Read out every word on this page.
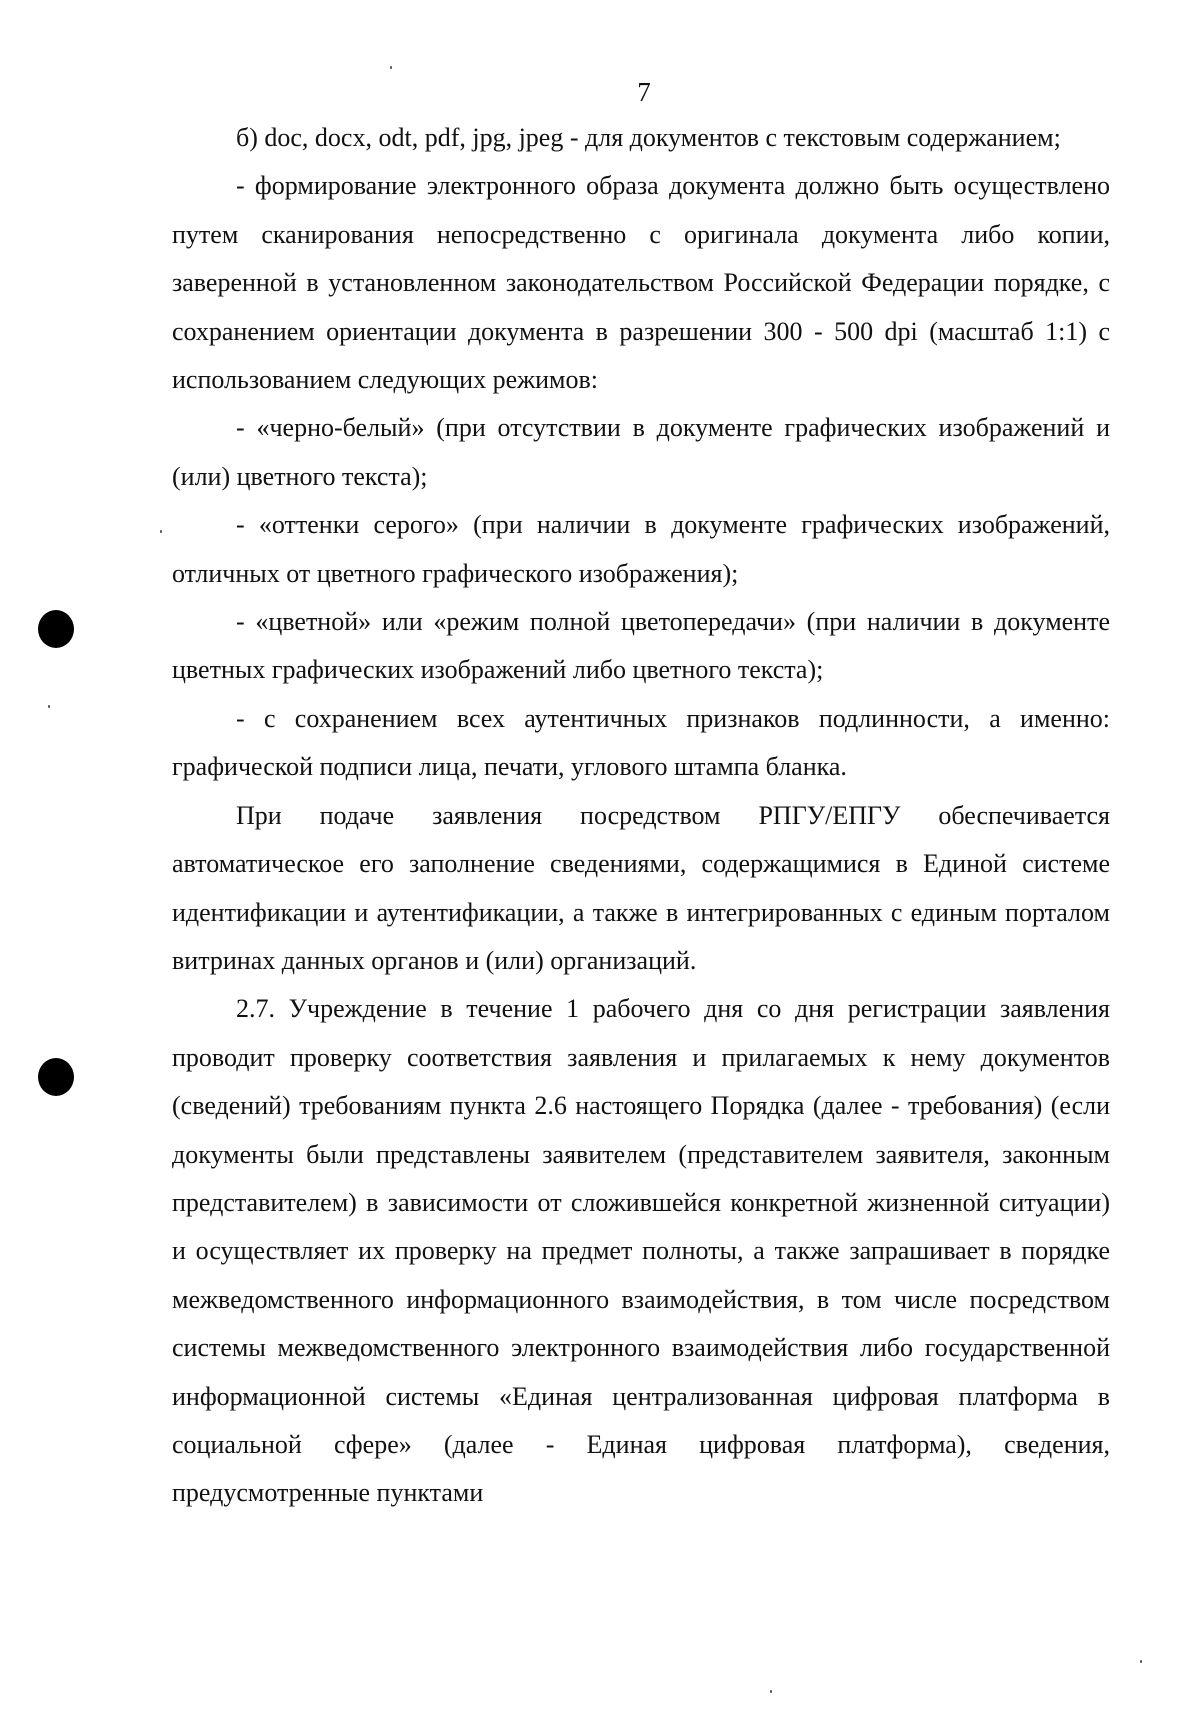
7

б) doc, docx, odt, pdf, jpg, jpeg - для документов с текстовым содержанием;

- формирование электронного образа документа должно быть осуществлено путем сканирования непосредственно с оригинала документа либо копии, заверенной в установленном законодательством Российской Федерации порядке, с сохранением ориентации документа в разрешении 300 - 500 dpi (масштаб 1:1) с использованием следующих режимов:

- «черно-белый» (при отсутствии в документе графических изображений и (или) цветного текста);

- «оттенки серого» (при наличии в документе графических изображений, отличных от цветного графического изображения);

- «цветной» или «режим полной цветопередачи» (при наличии в документе цветных графических изображений либо цветного текста);

- с сохранением всех аутентичных признаков подлинности, а именно: графической подписи лица, печати, углового штампа бланка.

При подаче заявления посредством РПГУ/ЕПГУ обеспечивается автоматическое его заполнение сведениями, содержащимися в Единой системе идентификации и аутентификации, а также в интегрированных с единым порталом витринах данных органов и (или) организаций.

2.7. Учреждение в течение 1 рабочего дня со дня регистрации заявления проводит проверку соответствия заявления и прилагаемых к нему документов (сведений) требованиям пункта 2.6 настоящего Порядка (далее - требования) (если документы были представлены заявителем (представителем заявителя, законным представителем) в зависимости от сложившейся конкретной жизненной ситуации) и осуществляет их проверку на предмет полноты, а также запрашивает в порядке межведомственного информационного взаимодействия, в том числе посредством системы межведомственного электронного взаимодействия либо государственной информационной системы «Единая централизованная цифровая платформа в социальной сфере» (далее - Единая цифровая платформа), сведения, предусмотренные пунктами
